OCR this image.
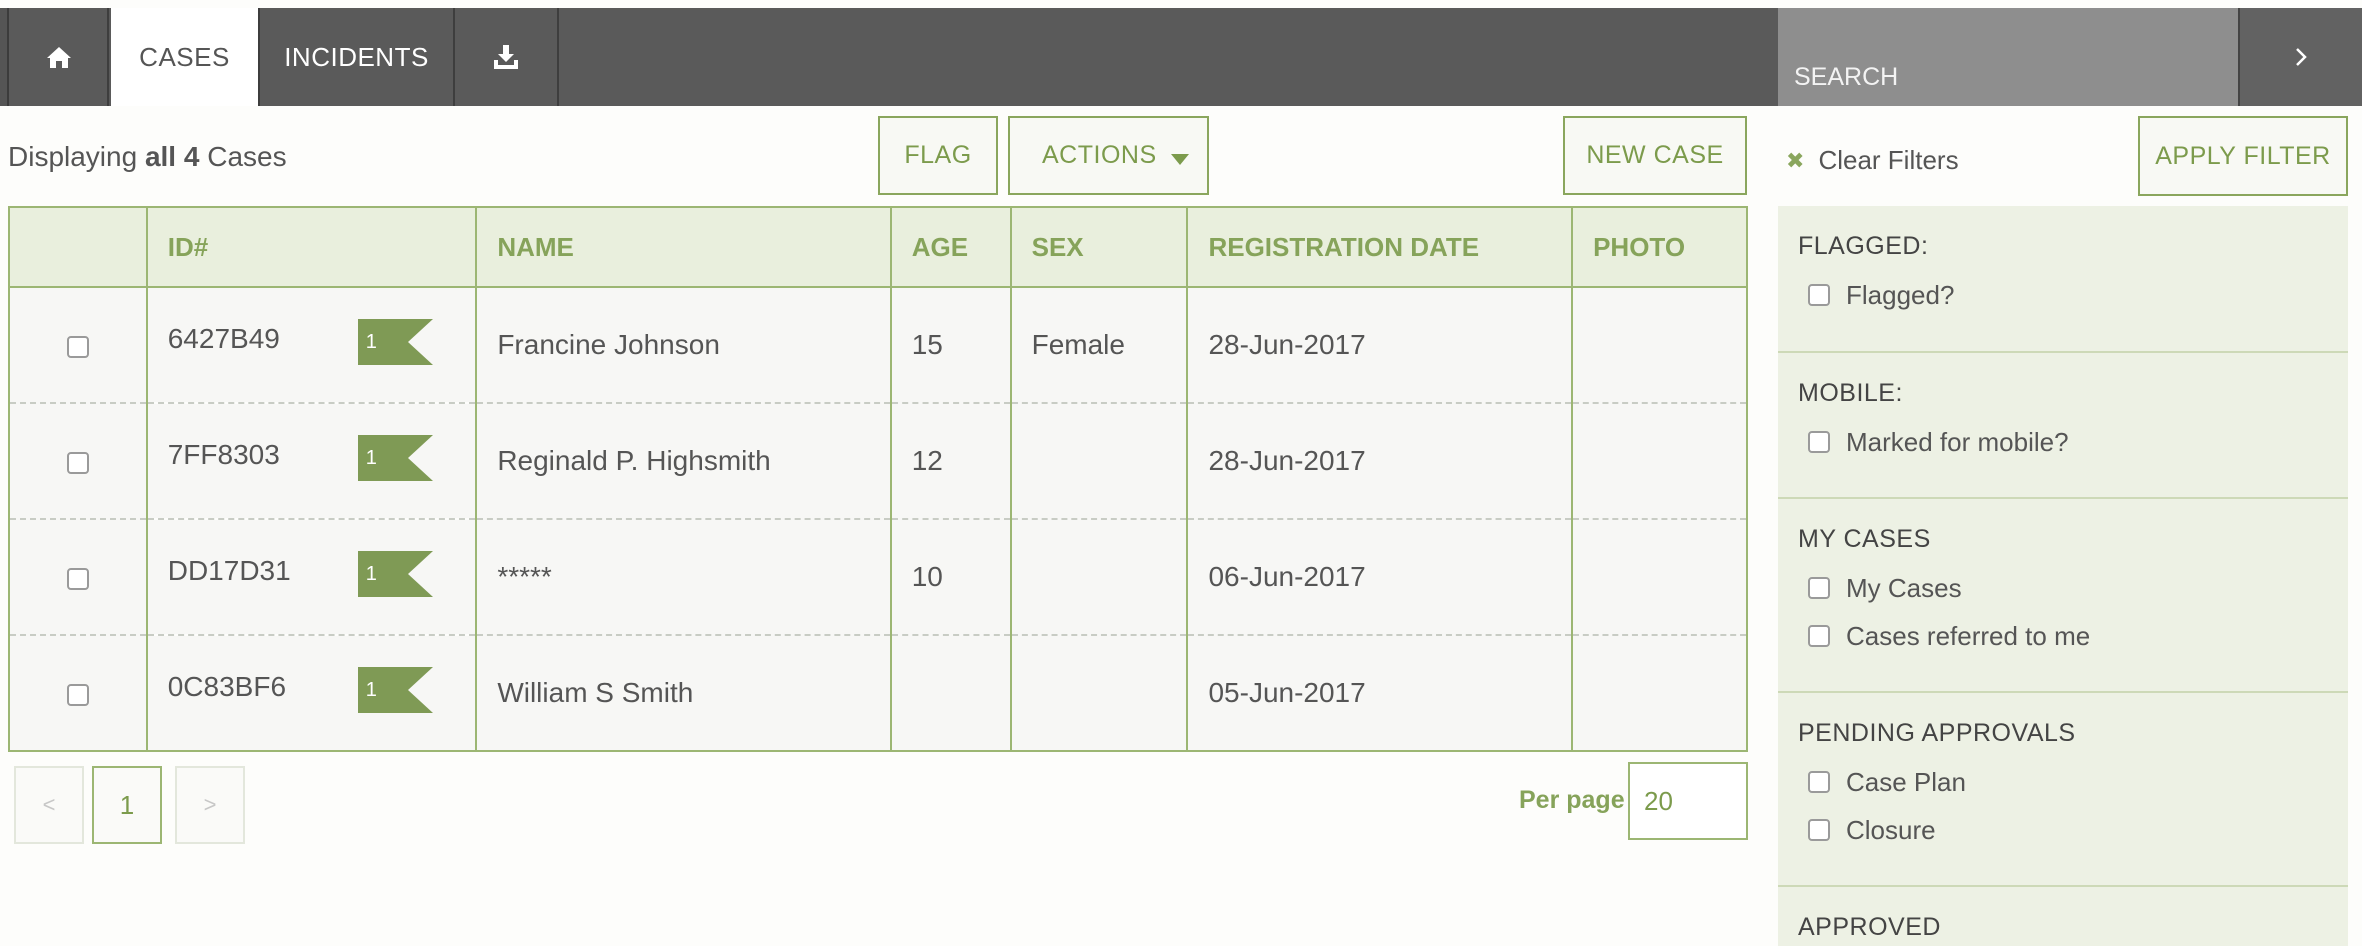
CASES	INCIDENTS
SEARCH
Displaying all 4 Cases	FLAG	ACTIONS	NEW CASE
	ID#	NAME	AGE	SEX	REGISTRATION DATE	PHOTO
	6427B49 1	Francine Johnson	15	Female	28-Jun-2017	
	7FF8303 1	Reginald P. Highsmith	12		28-Jun-2017	
	DD17D31 1	*****	10		06-Jun-2017	
	0C83BF6 1	William S Smith			05-Jun-2017	
<	1	>	Per page
20
✖ Clear Filters	APPLY FILTER
FLAGGED:
Flagged?
MOBILE:
Marked for mobile?
MY CASES
My Cases
Cases referred to me
PENDING APPROVALS
Case Plan
Closure
APPROVED
